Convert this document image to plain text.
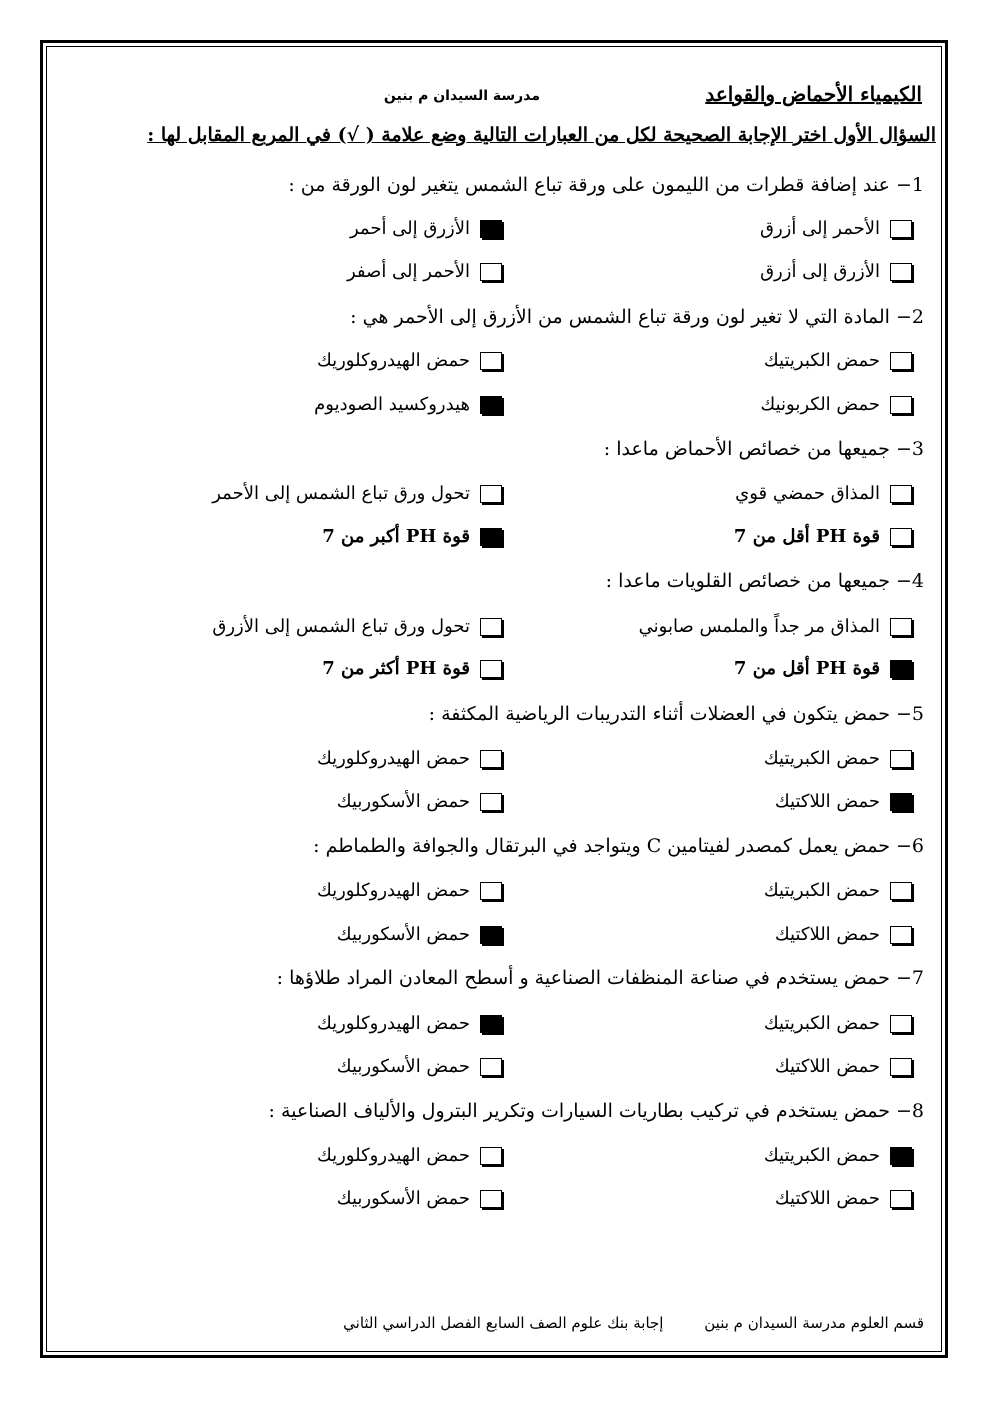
الكيمياء الأحماض والقواعد
مدرسة السيدان م بنين
السؤال الأول اختر الإجابة الصحيحة لكل من العبارات التالية وضع علامة ( √) في المربع المقابل لها :
1− عند إضافة قطرات من الليمون على ورقة تباع الشمس يتغير لون الورقة من :
الأحمر إلى أزرق
الأزرق إلى أحمر
الأزرق إلى أزرق
الأحمر إلى أصفر
2− المادة التي لا تغير لون ورقة تباع الشمس من الأزرق إلى الأحمر هي :
حمض الكبريتيك
حمض الهيدروكلوريك
حمض الكربونيك
هيدروكسيد الصوديوم
3− جميعها من خصائص الأحماض ماعدا :
المذاق حمضي قوي
تحول ورق تباع الشمس إلى الأحمر
قوة PH أقل من 7
قوة PH أكبر من 7
4− جميعها من خصائص القلويات ماعدا :
المذاق مر جداً والملمس صابوني
تحول ورق تباع الشمس إلى الأزرق
قوة PH أقل من 7
قوة PH أكثر من 7
5− حمض يتكون في العضلات أثناء التدريبات الرياضية المكثفة :
حمض الكبريتيك
حمض الهيدروكلوريك
حمض اللاكتيك
حمض الأسكوربيك
6− حمض يعمل كمصدر لفيتامين C ويتواجد في البرتقال والجوافة والطماطم :
حمض الكبريتيك
حمض الهيدروكلوريك
حمض اللاكتيك
حمض الأسكوربيك
7− حمض يستخدم في صناعة المنظفات الصناعية و أسطح المعادن المراد طلاؤها :
حمض الكبريتيك
حمض الهيدروكلوريك
حمض اللاكتيك
حمض الأسكوربيك
8− حمض يستخدم في تركيب بطاريات السيارات وتكرير البترول والألياف الصناعية :
حمض الكبريتيك
حمض الهيدروكلوريك
حمض اللاكتيك
حمض الأسكوربيك
قسم العلوم مدرسة السيدان م بنين إجابة بنك علوم الصف السابع الفصل الدراسي الثاني
